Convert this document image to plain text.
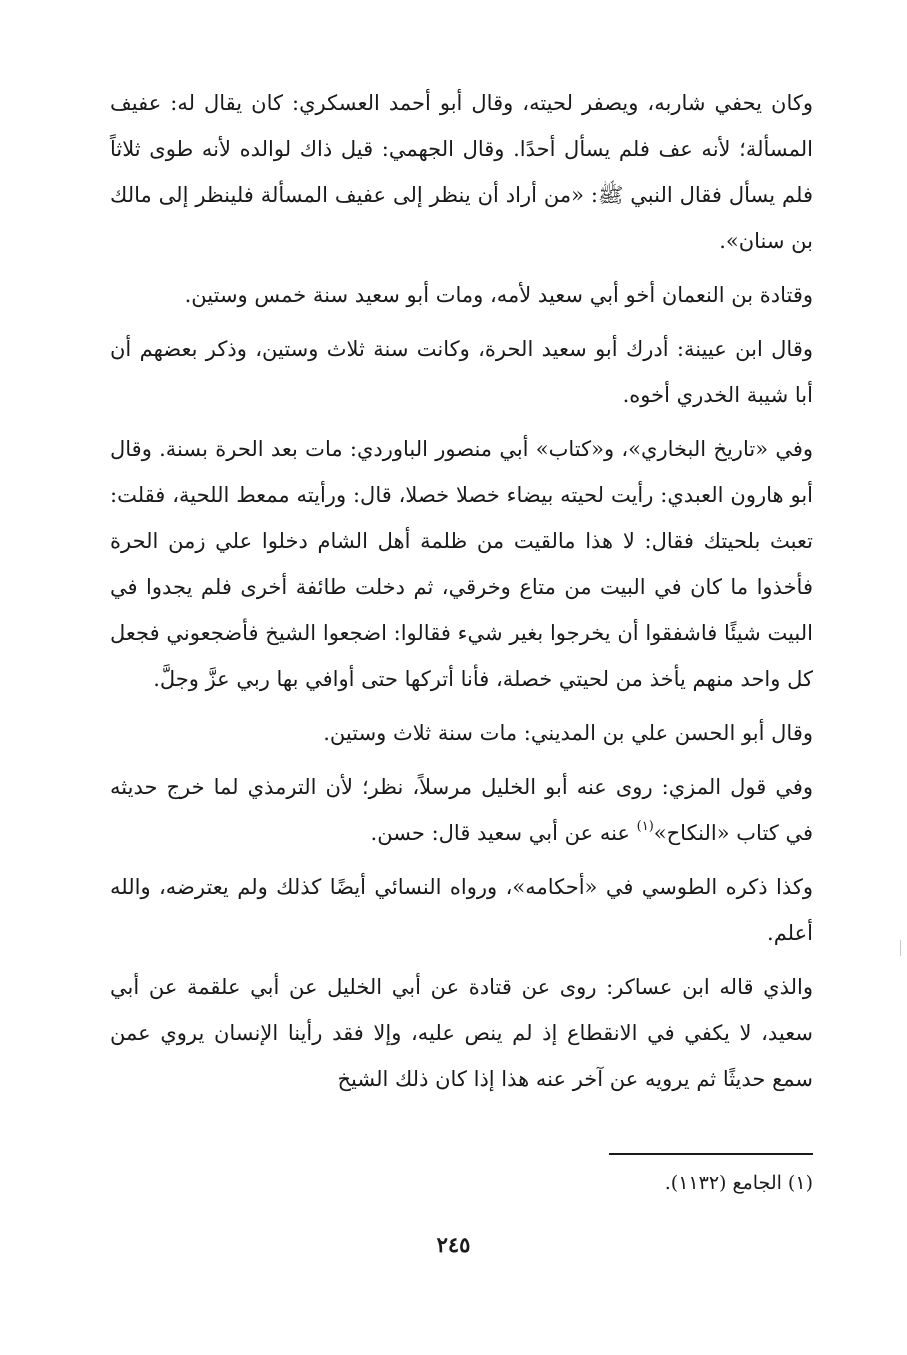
وكان يحفي شاربه، ويصفر لحيته، وقال أبو أحمد العسكري: كان يقال له: عفيف المسألة؛ لأنه عف فلم يسأل أحدًا. وقال الجهمي: قيل ذاك لوالده لأنه طوى ثلاثاً فلم يسأل فقال النبي ﷺ: «من أراد أن ينظر إلى عفيف المسألة فلينظر إلى مالك بن سنان».

وقتادة بن النعمان أخو أبي سعيد لأمه، ومات أبو سعيد سنة خمس وستين.

وقال ابن عيينة: أدرك أبو سعيد الحرة، وكانت سنة ثلاث وستين، وذكر بعضهم أن أبا شيبة الخدري أخوه.

وفي «تاريخ البخاري»، و«كتاب» أبي منصور الباوردي: مات بعد الحرة بسنة. وقال أبو هارون العبدي: رأيت لحيته بيضاء خصلا خصلا، قال: ورأيته ممعط اللحية، فقلت: تعبث بلحيتك فقال: لا هذا مالقيت من ظلمة أهل الشام دخلوا علي زمن الحرة فأخذوا ما كان في البيت من متاع وخرقي، ثم دخلت طائفة أخرى فلم يجدوا في البيت شيئًا فاشفقوا أن يخرجوا بغير شيء فقالوا: اضجعوا الشيخ فأضجعوني فجعل كل واحد منهم يأخذ من لحيتي خصلة، فأنا أتركها حتى أوافي بها ربي عزَّ وجلَّ.

وقال أبو الحسن علي بن المديني: مات سنة ثلاث وستين.

وفي قول المزي: روى عنه أبو الخليل مرسلاً، نظر؛ لأن الترمذي لما خرج حديثه في كتاب «النكاح»$^{(١)}$ عنه عن أبي سعيد قال: حسن.

وكذا ذكره الطوسي في «أحكامه»، ورواه النسائي أيضًا كذلك ولم يعترضه، والله أعلم.

والذي قاله ابن عساكر: روى عن قتادة عن أبي الخليل عن أبي علقمة عن أبي سعيد، لا يكفي في الانقطاع إذ لم ينص عليه، وإلا فقد رأينا الإنسان يروي عمن سمع حديثًا ثم يرويه عن آخر عنه هذا إذا كان ذلك الشيخ

(١) الجامع (١١٣٢).
٢٤٥
